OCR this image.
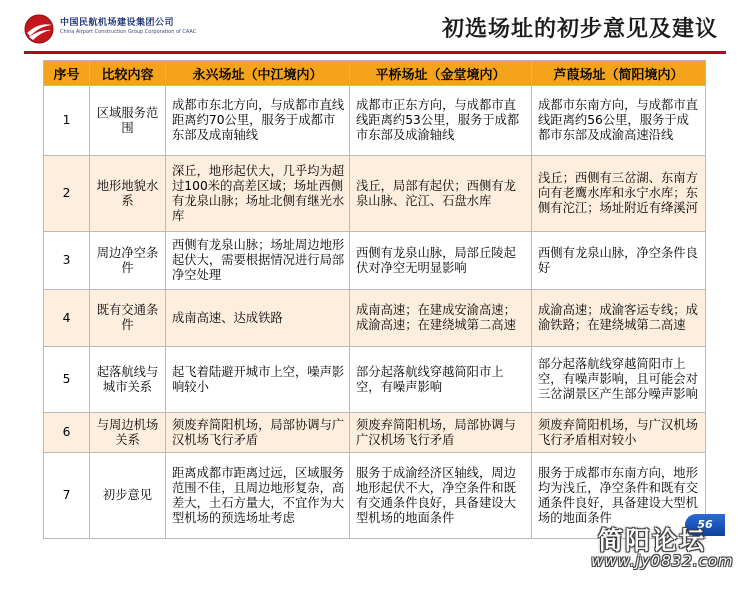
中国民航机场建设集团公司
China Airport Construction Group Corporation of CAAC	初选场址的初步意见及建议
序号	比较内容	永兴场址（中江境内）	平桥场址（金堂境内）	芦葭场址（简阳境内）
1	区域服务范围	成都市东北方向，与成都市直线距离约70公里，服务于成都市东部及成南轴线	成都市正东方向，与成都市直线距离约53公里，服务于成都市东部及成渝轴线	成都市东南方向，与成都市直线距离约56公里，服务于成都市东部及成渝高速沿线
2	地形地貌水系	深丘，地形起伏大，几乎均为超过100米的高差区域；场址西侧有龙泉山脉；场址北侧有继光水库	浅丘，局部有起伏；西侧有龙泉山脉、沱江、石盘水库	浅丘；西侧有三岔湖、东南方向有老鹰水库和永宁水库；东侧有沱江；场址附近有绛溪河
3	周边净空条件	西侧有龙泉山脉；场址周边地形起伏大，需要根据情况进行局部净空处理	西侧有龙泉山脉，局部丘陵起伏对净空无明显影响	西侧有龙泉山脉，净空条件良好
4	既有交通条件	成南高速、达成铁路	成南高速；在建成安渝高速；成渝高速；在建绕城第二高速	成渝高速；成渝客运专线；成渝铁路；在建绕城第二高速
5	起落航线与城市关系	起飞着陆避开城市上空，噪声影响较小	部分起落航线穿越简阳市上空，有噪声影响	部分起落航线穿越简阳市上空，有噪声影响，且可能会对三岔湖景区产生部分噪声影响
6	与周边机场关系	须废弃简阳机场，局部协调与广汉机场飞行矛盾	须废弃简阳机场，局部协调与广汉机场飞行矛盾	须废弃简阳机场，与广汉机场飞行矛盾相对较小
7	初步意见	距离成都市距离过远，区域服务范围不佳，且周边地形复杂，高差大，土石方量大，不宜作为大型机场的预选场址考虑	服务于成渝经济区轴线，周边地形起伏不大，净空条件和既有交通条件良好，具备建设大型机场的地面条件	服务于成都市东南方向，地形均为浅丘，净空条件和既有交通条件良好，具备建设大型机场的地面条件	56
简阳论坛
www.jy0832.com
